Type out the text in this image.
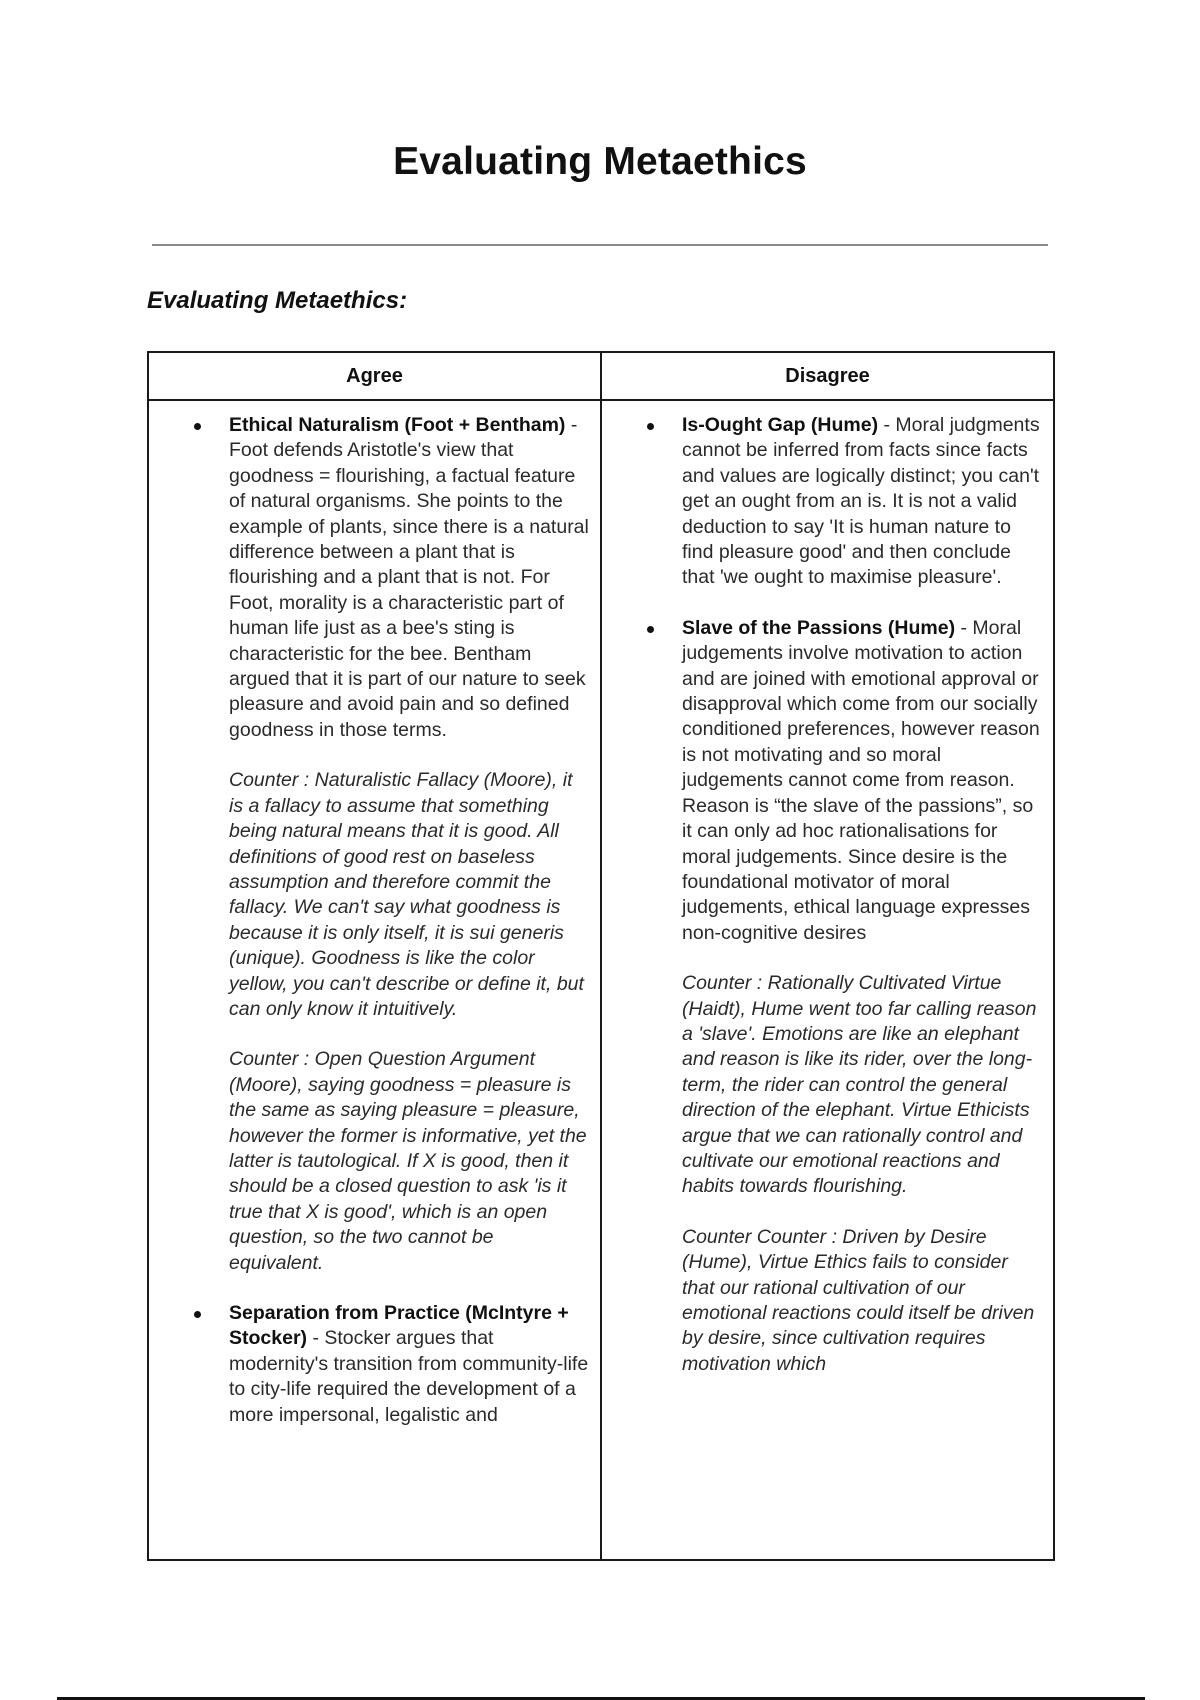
Evaluating Metaethics
Evaluating Metaethics:
Agree	Disagree

Ethical Naturalism (Foot + Bentham) - Foot defends Aristotle's view that goodness = flourishing, a factual feature of natural organisms. She points to the example of plants, since there is a natural difference between a plant that is flourishing and a plant that is not. For Foot, morality is a characteristic part of human life just as a bee's sting is characteristic for the bee. Bentham argued that it is part of our nature to seek pleasure and avoid pain and so defined goodness in those terms.
Counter : Naturalistic Fallacy (Moore), it is a fallacy to assume that something being natural means that it is good. All definitions of good rest on baseless assumption and therefore commit the fallacy. We can't say what goodness is because it is only itself, it is sui generis (unique). Goodness is like the color yellow, you can't describe or define it, but can only know it intuitively.
Counter : Open Question Argument (Moore), saying goodness = pleasure is the same as saying pleasure = pleasure, however the former is informative, yet the latter is tautological. If X is good, then it should be a closed question to ask 'is it true that X is good', which is an open question, so the two cannot be equivalent.
Separation from Practice (McIntyre + Stocker) - Stocker argues that modernity's transition from community-life to city-life required the development of a more impersonal, legalistic and

Is-Ought Gap (Hume) - Moral judgments cannot be inferred from facts since facts and values are logically distinct; you can't get an ought from an is. It is not a valid deduction to say 'It is human nature to find pleasure good' and then conclude that 'we ought to maximise pleasure'.
Slave of the Passions (Hume) - Moral judgements involve motivation to action and are joined with emotional approval or disapproval which come from our socially conditioned preferences, however reason is not motivating and so moral judgements cannot come from reason. Reason is “the slave of the passions”, so it can only ad hoc rationalisations for moral judgements. Since desire is the foundational motivator of moral judgements, ethical language expresses non-cognitive desires
Counter : Rationally Cultivated Virtue (Haidt), Hume went too far calling reason a 'slave'. Emotions are like an elephant and reason is like its rider, over the long-term, the rider can control the general direction of the elephant. Virtue Ethicists argue that we can rationally control and cultivate our emotional reactions and habits towards flourishing.
Counter Counter : Driven by Desire (Hume), Virtue Ethics fails to consider that our rational cultivation of our emotional reactions could itself be driven by desire, since cultivation requires motivation which
